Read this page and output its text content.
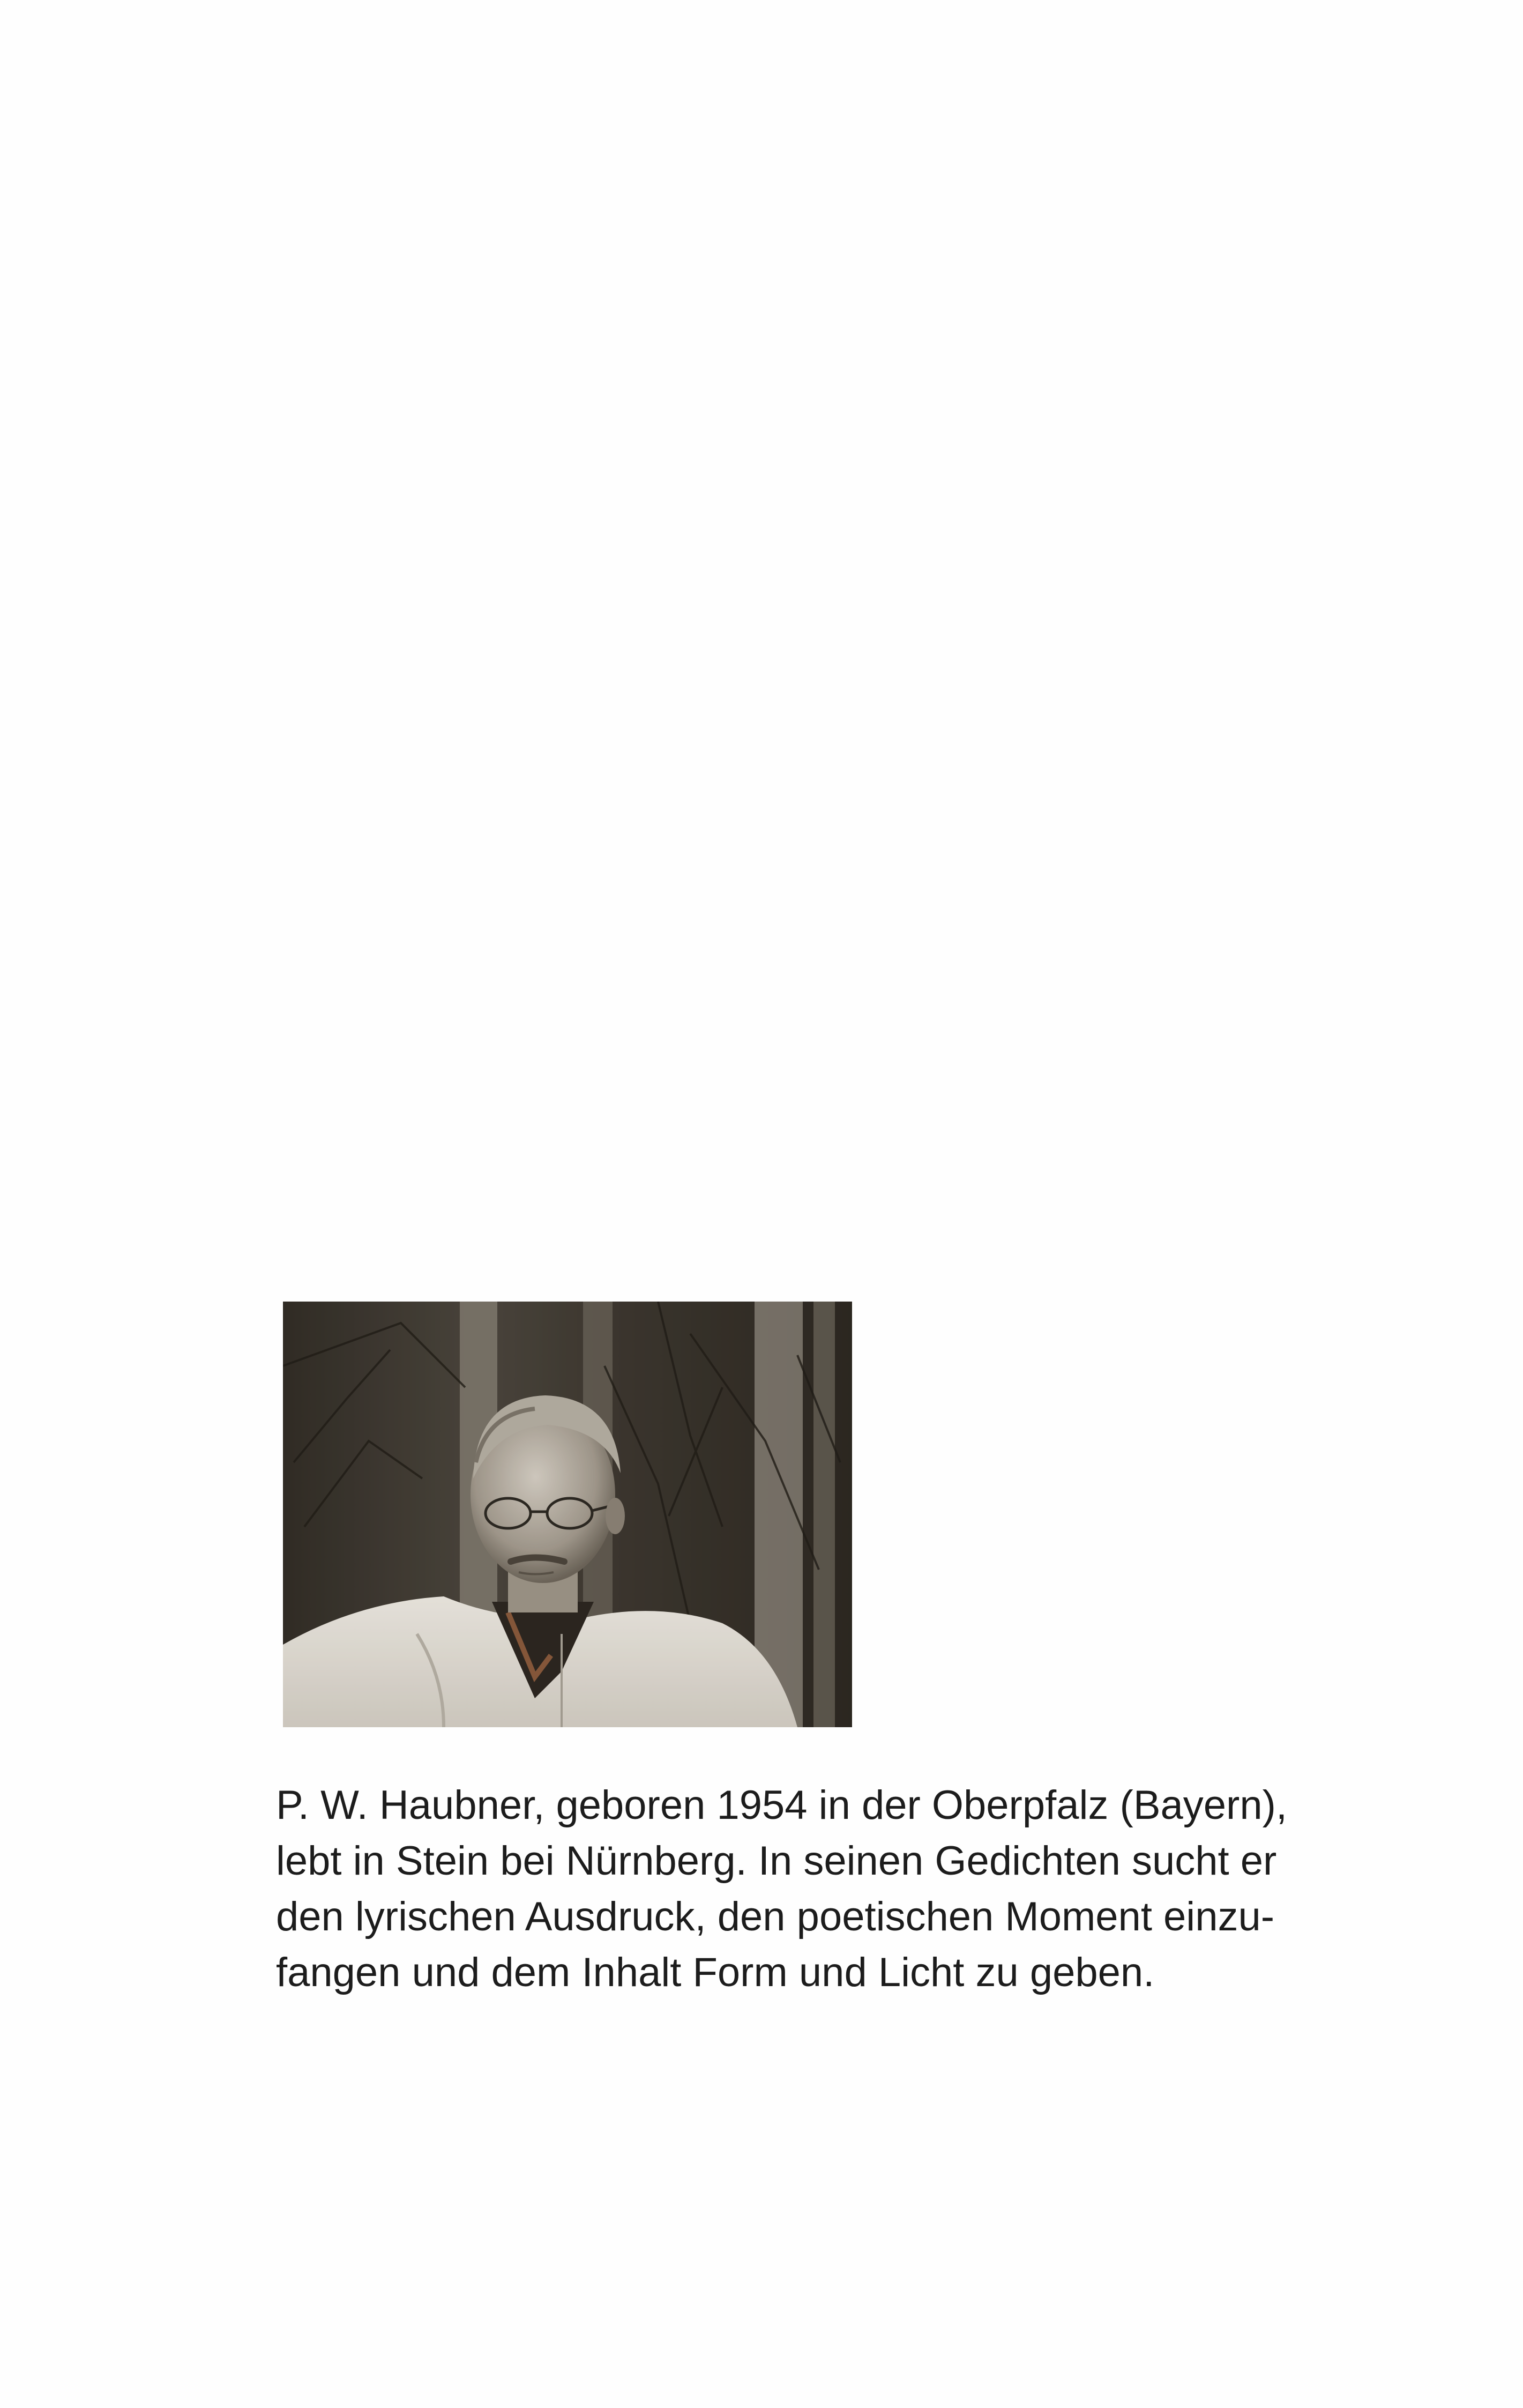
P. W. Haubner, geboren 1954 in der Oberpfalz (Bayern),
lebt in Stein bei Nürnberg. In seinen Gedichten sucht er
den lyrischen Ausdruck, den poetischen Moment einzu-
fangen und dem Inhalt Form und Licht zu geben.
